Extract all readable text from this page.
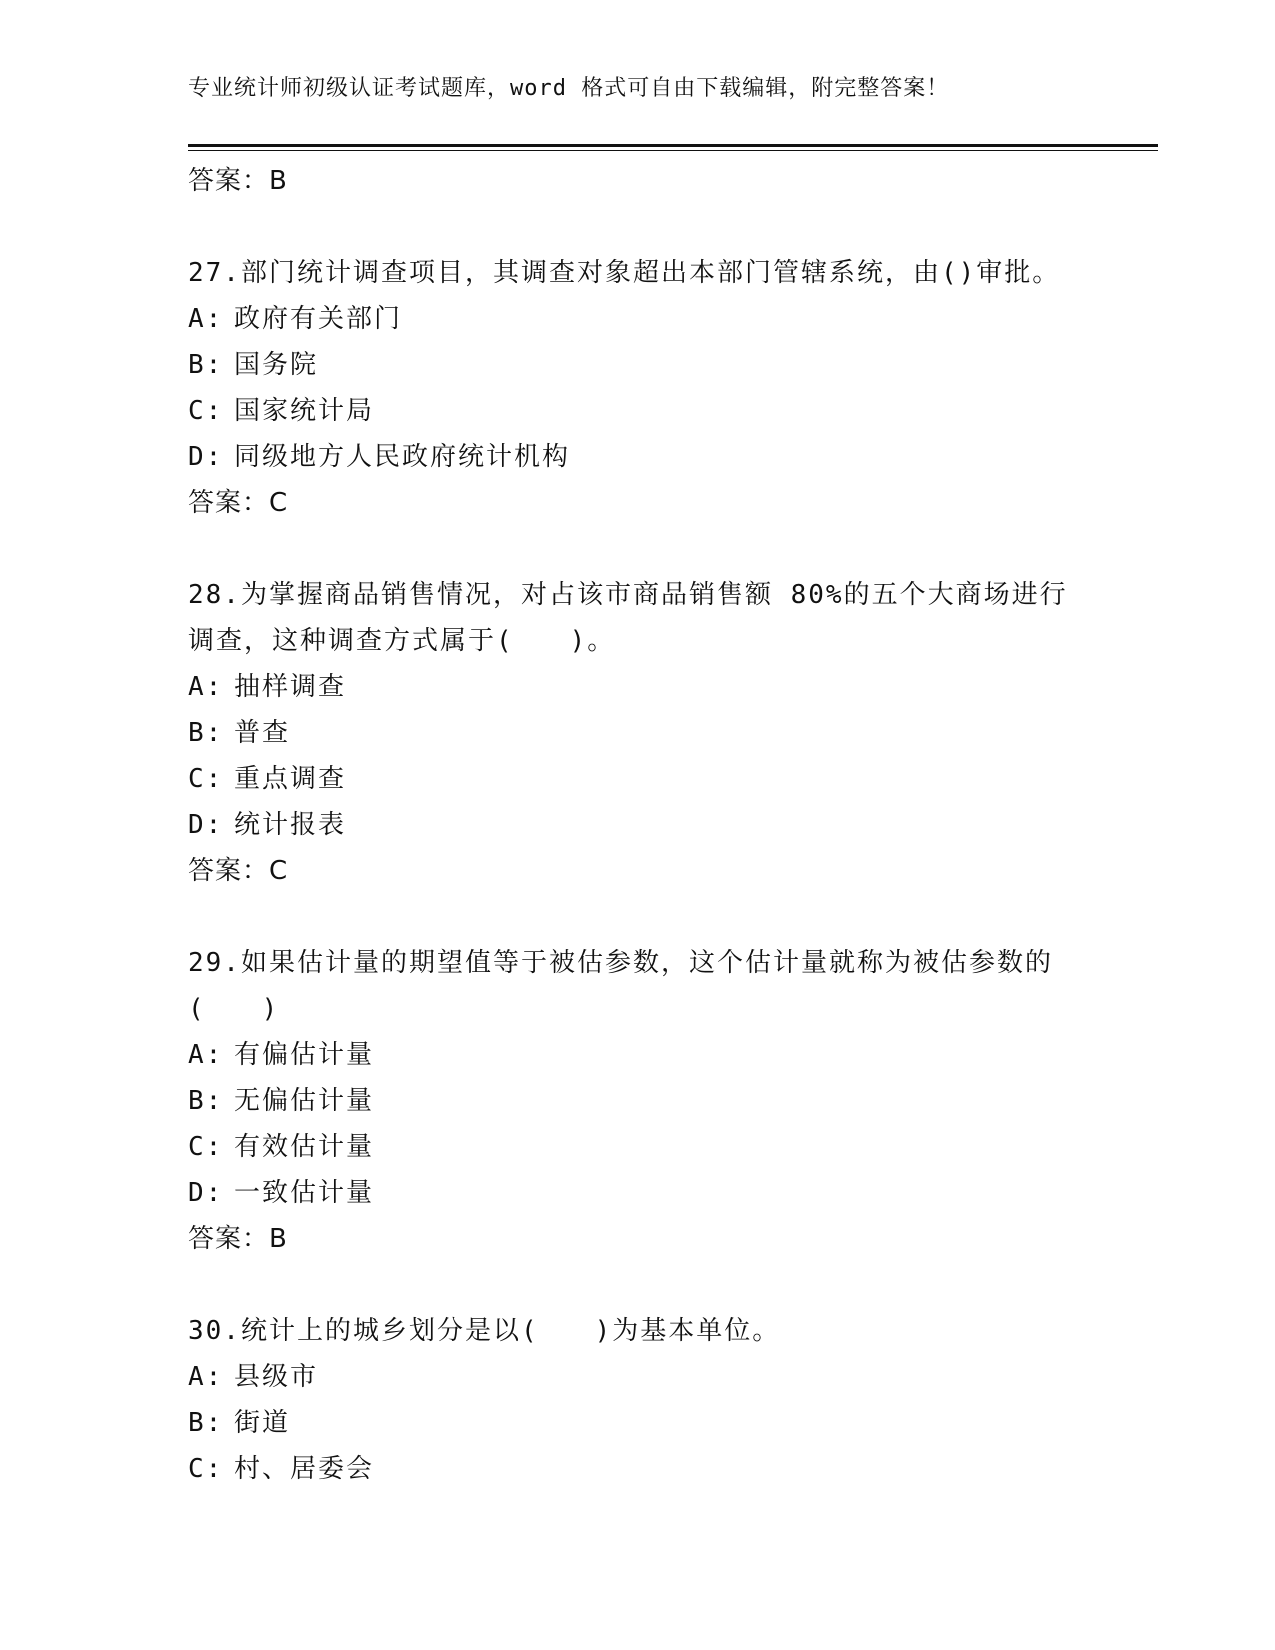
专业统计师初级认证考试题库，word 格式可自由下载编辑，附完整答案！

答案：B

27.部门统计调查项目，其调查对象超出本部门管辖系统，由()审批。

A: 政府有关部门

B: 国务院

C: 国家统计局

D: 同级地方人民政府统计机构

答案：C

28.为掌握商品销售情况，对占该市商品销售额 80%的五个大商场进行

调查，这种调查方式属于(　　)。

A: 抽样调查

B: 普查

C: 重点调查

D: 统计报表

答案：C

29.如果估计量的期望值等于被估参数，这个估计量就称为被估参数的

(　　)

A: 有偏估计量

B: 无偏估计量

C: 有效估计量

D: 一致估计量

答案：B

30.统计上的城乡划分是以(　　)为基本单位。

A: 县级市

B: 街道

C: 村、居委会
